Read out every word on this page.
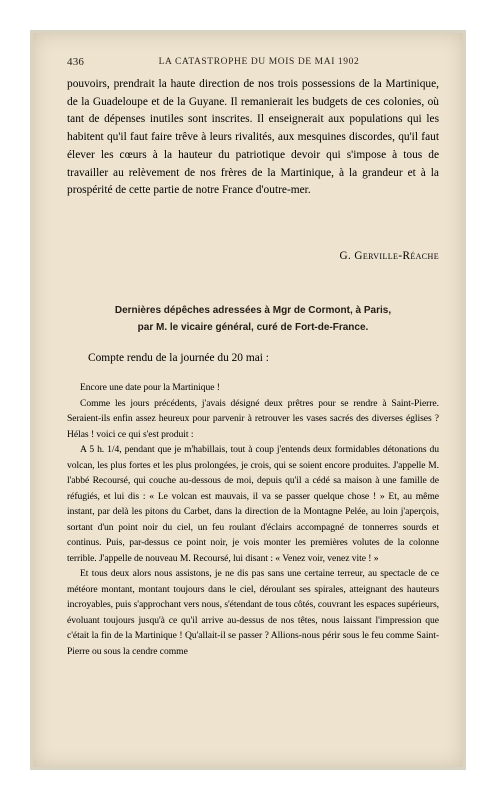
436	LA CATASTROPHE DU MOIS DE MAI 1902

pouvoirs, prendrait la haute direction de nos trois possessions de la Martinique, de la Guadeloupe et de la Guyane. Il remanierait les budgets de ces colonies, où tant de dépenses inutiles sont inscrites. Il enseignerait aux populations qui les habitent qu'il faut faire trêve à leurs rivalités, aux mesquines discordes, qu'il faut élever les cœurs à la hauteur du patriotique devoir qui s'impose à tous de travailler au relèvement de nos frères de la Martinique, à la grandeur et à la prospérité de cette partie de notre France d'outre-mer.

G. Gerville-Réache
Dernières dépêches adressées à Mgr de Cormont, à Paris,
par M. le vicaire général, curé de Fort-de-France.
Compte rendu de la journée du 20 mai :

Encore une date pour la Martinique !

Comme les jours précédents, j'avais désigné deux prêtres pour se rendre à Saint-Pierre. Seraient-ils enfin assez heureux pour parvenir à retrouver les vases sacrés des diverses églises ? Hélas ! voici ce qui s'est produit :

A 5 h. 1/4, pendant que je m'habillais, tout à coup j'entends deux formidables détonations du volcan, les plus fortes et les plus prolongées, je crois, qui se soient encore produites. J'appelle M. l'abbé Recoursé, qui couche au-dessous de moi, depuis qu'il a cédé sa maison à une famille de réfugiés, et lui dis : « Le volcan est mauvais, il va se passer quelque chose ! » Et, au même instant, par delà les pitons du Carbet, dans la direction de la Montagne Pelée, au loin j'aperçois, sortant d'un point noir du ciel, un feu roulant d'éclairs accompagné de tonnerres sourds et continus. Puis, par-dessus ce point noir, je vois monter les premières volutes de la colonne terrible. J'appelle de nouveau M. Recoursé, lui disant : « Venez voir, venez vite ! »

Et tous deux alors nous assistons, je ne dis pas sans une certaine terreur, au spectacle de ce météore montant, montant toujours dans le ciel, déroulant ses spirales, atteignant des hauteurs incroyables, puis s'approchant vers nous, s'étendant de tous côtés, couvrant les espaces supérieurs, évoluant toujours jusqu'à ce qu'il arrive au-dessus de nos têtes, nous laissant l'impression que c'était la fin de la Martinique ! Qu'allait-il se passer ? Allions-nous périr sous le feu comme Saint-Pierre ou sous la cendre comme
